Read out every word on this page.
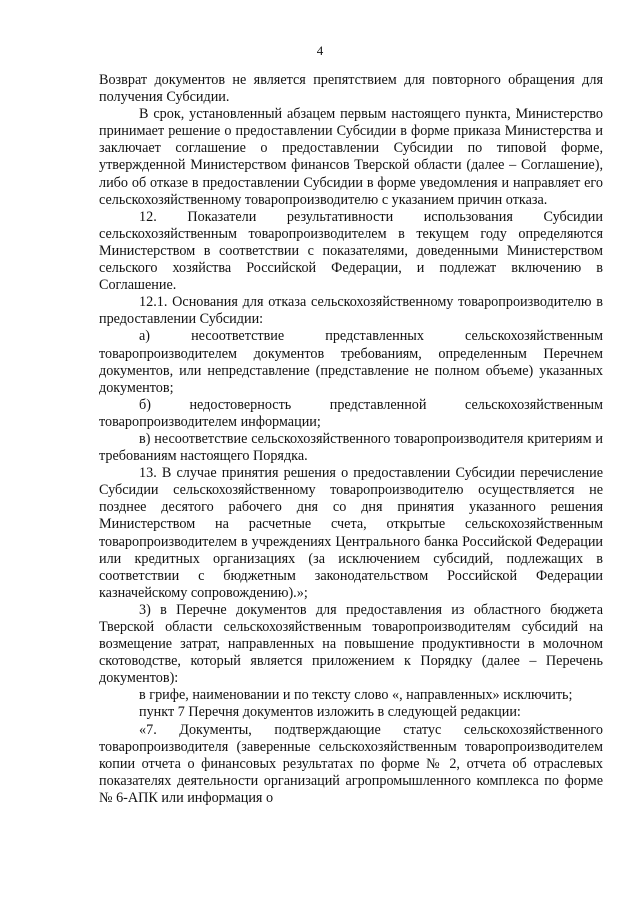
4

Возврат документов не является препятствием для повторного обращения для получения Субсидии.

В срок, установленный абзацем первым настоящего пункта, Министерство принимает решение о предоставлении Субсидии в форме приказа Министерства и заключает соглашение о предоставлении Субсидии по типовой форме, утвержденной Министерством финансов Тверской области (далее – Соглашение), либо об отказе в предоставлении Субсидии в форме уведомления и направляет его сельскохозяйственному товаропроизводителю с указанием причин отказа.

12. Показатели результативности использования Субсидии сельскохозяйственным товаропроизводителем в текущем году определяются Министерством в соответствии с показателями, доведенными Министерством сельского хозяйства Российской Федерации, и подлежат включению в Соглашение.

12.1. Основания для отказа сельскохозяйственному товаропроизводителю в предоставлении Субсидии:

а) несоответствие представленных сельскохозяйственным товаропроизводителем документов требованиям, определенным Перечнем документов, или непредставление (представление не полном объеме) указанных документов;

б) недостоверность представленной сельскохозяйственным товаропроизводителем информации;

в) несоответствие сельскохозяйственного товаропроизводителя критериям и требованиям настоящего Порядка.

13. В случае принятия решения о предоставлении Субсидии перечисление Субсидии сельскохозяйственному товаропроизводителю осуществляется не позднее десятого рабочего дня со дня принятия указанного решения Министерством на расчетные счета, открытые сельскохозяйственным товаропроизводителем в учреждениях Центрального банка Российской Федерации или кредитных организациях (за исключением субсидий, подлежащих в соответствии с бюджетным законодательством Российской Федерации казначейскому сопровождению).»;

3) в Перечне документов для предоставления из областного бюджета Тверской области сельскохозяйственным товаропроизводителям субсидий на возмещение затрат, направленных на повышение продуктивности в молочном скотоводстве, который является приложением к Порядку (далее – Перечень документов):

в грифе, наименовании и по тексту слово «, направленных» исключить;

пункт 7 Перечня документов изложить в следующей редакции:

«7. Документы, подтверждающие статус сельскохозяйственного товаропроизводителя (заверенные сельскохозяйственным товаропроизводителем копии отчета о финансовых результатах по форме № 2, отчета об отраслевых показателях деятельности организаций агропромышленного комплекса по форме № 6-АПК или информация о
